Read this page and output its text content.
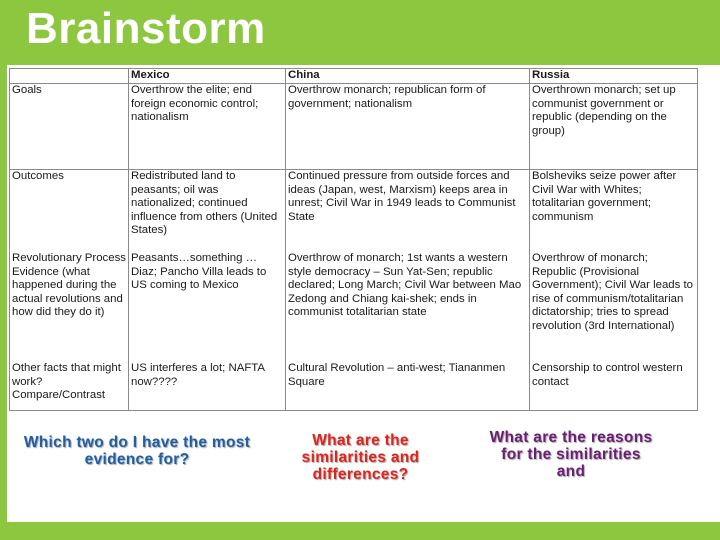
Brainstorm
	Mexico	China	Russia
Goals	Overthrow the elite; end foreign economic control; nationalism	Overthrow monarch; republican form of government; nationalism	Overthrown monarch; set up communist government or republic (depending on the group)
Outcomes	Redistributed land to peasants; oil was nationalized; continued influence from others (United States)	Continued pressure from outside forces and ideas (Japan, west, Marxism) keeps area in unrest; Civil War in 1949 leads to Communist State	Bolsheviks seize power after Civil War with Whites; totalitarian government; communism
Revolutionary Process Evidence (what happened during the actual revolutions and how did they do it)	Peasants…something … Diaz; Pancho Villa leads to US coming to Mexico	Overthrow of monarch; 1st wants a western style democracy – Sun Yat-Sen; republic declared; Long March; Civil War between Mao Zedong and Chiang kai-shek; ends in communist totalitarian state	Overthrow of monarch; Republic (Provisional Government); Civil War leads to rise of communism/totalitarian dictatorship; tries to spread revolution (3rd International)
Other facts that might work? Compare/Contrast	US interferes a lot; NAFTA now????	Cultural Revolution – anti-west; Tiananmen Square	Censorship to control western contact
Which two do I have the most evidence for?
What are the similarities and differences?
What are the reasons for the similarities and
